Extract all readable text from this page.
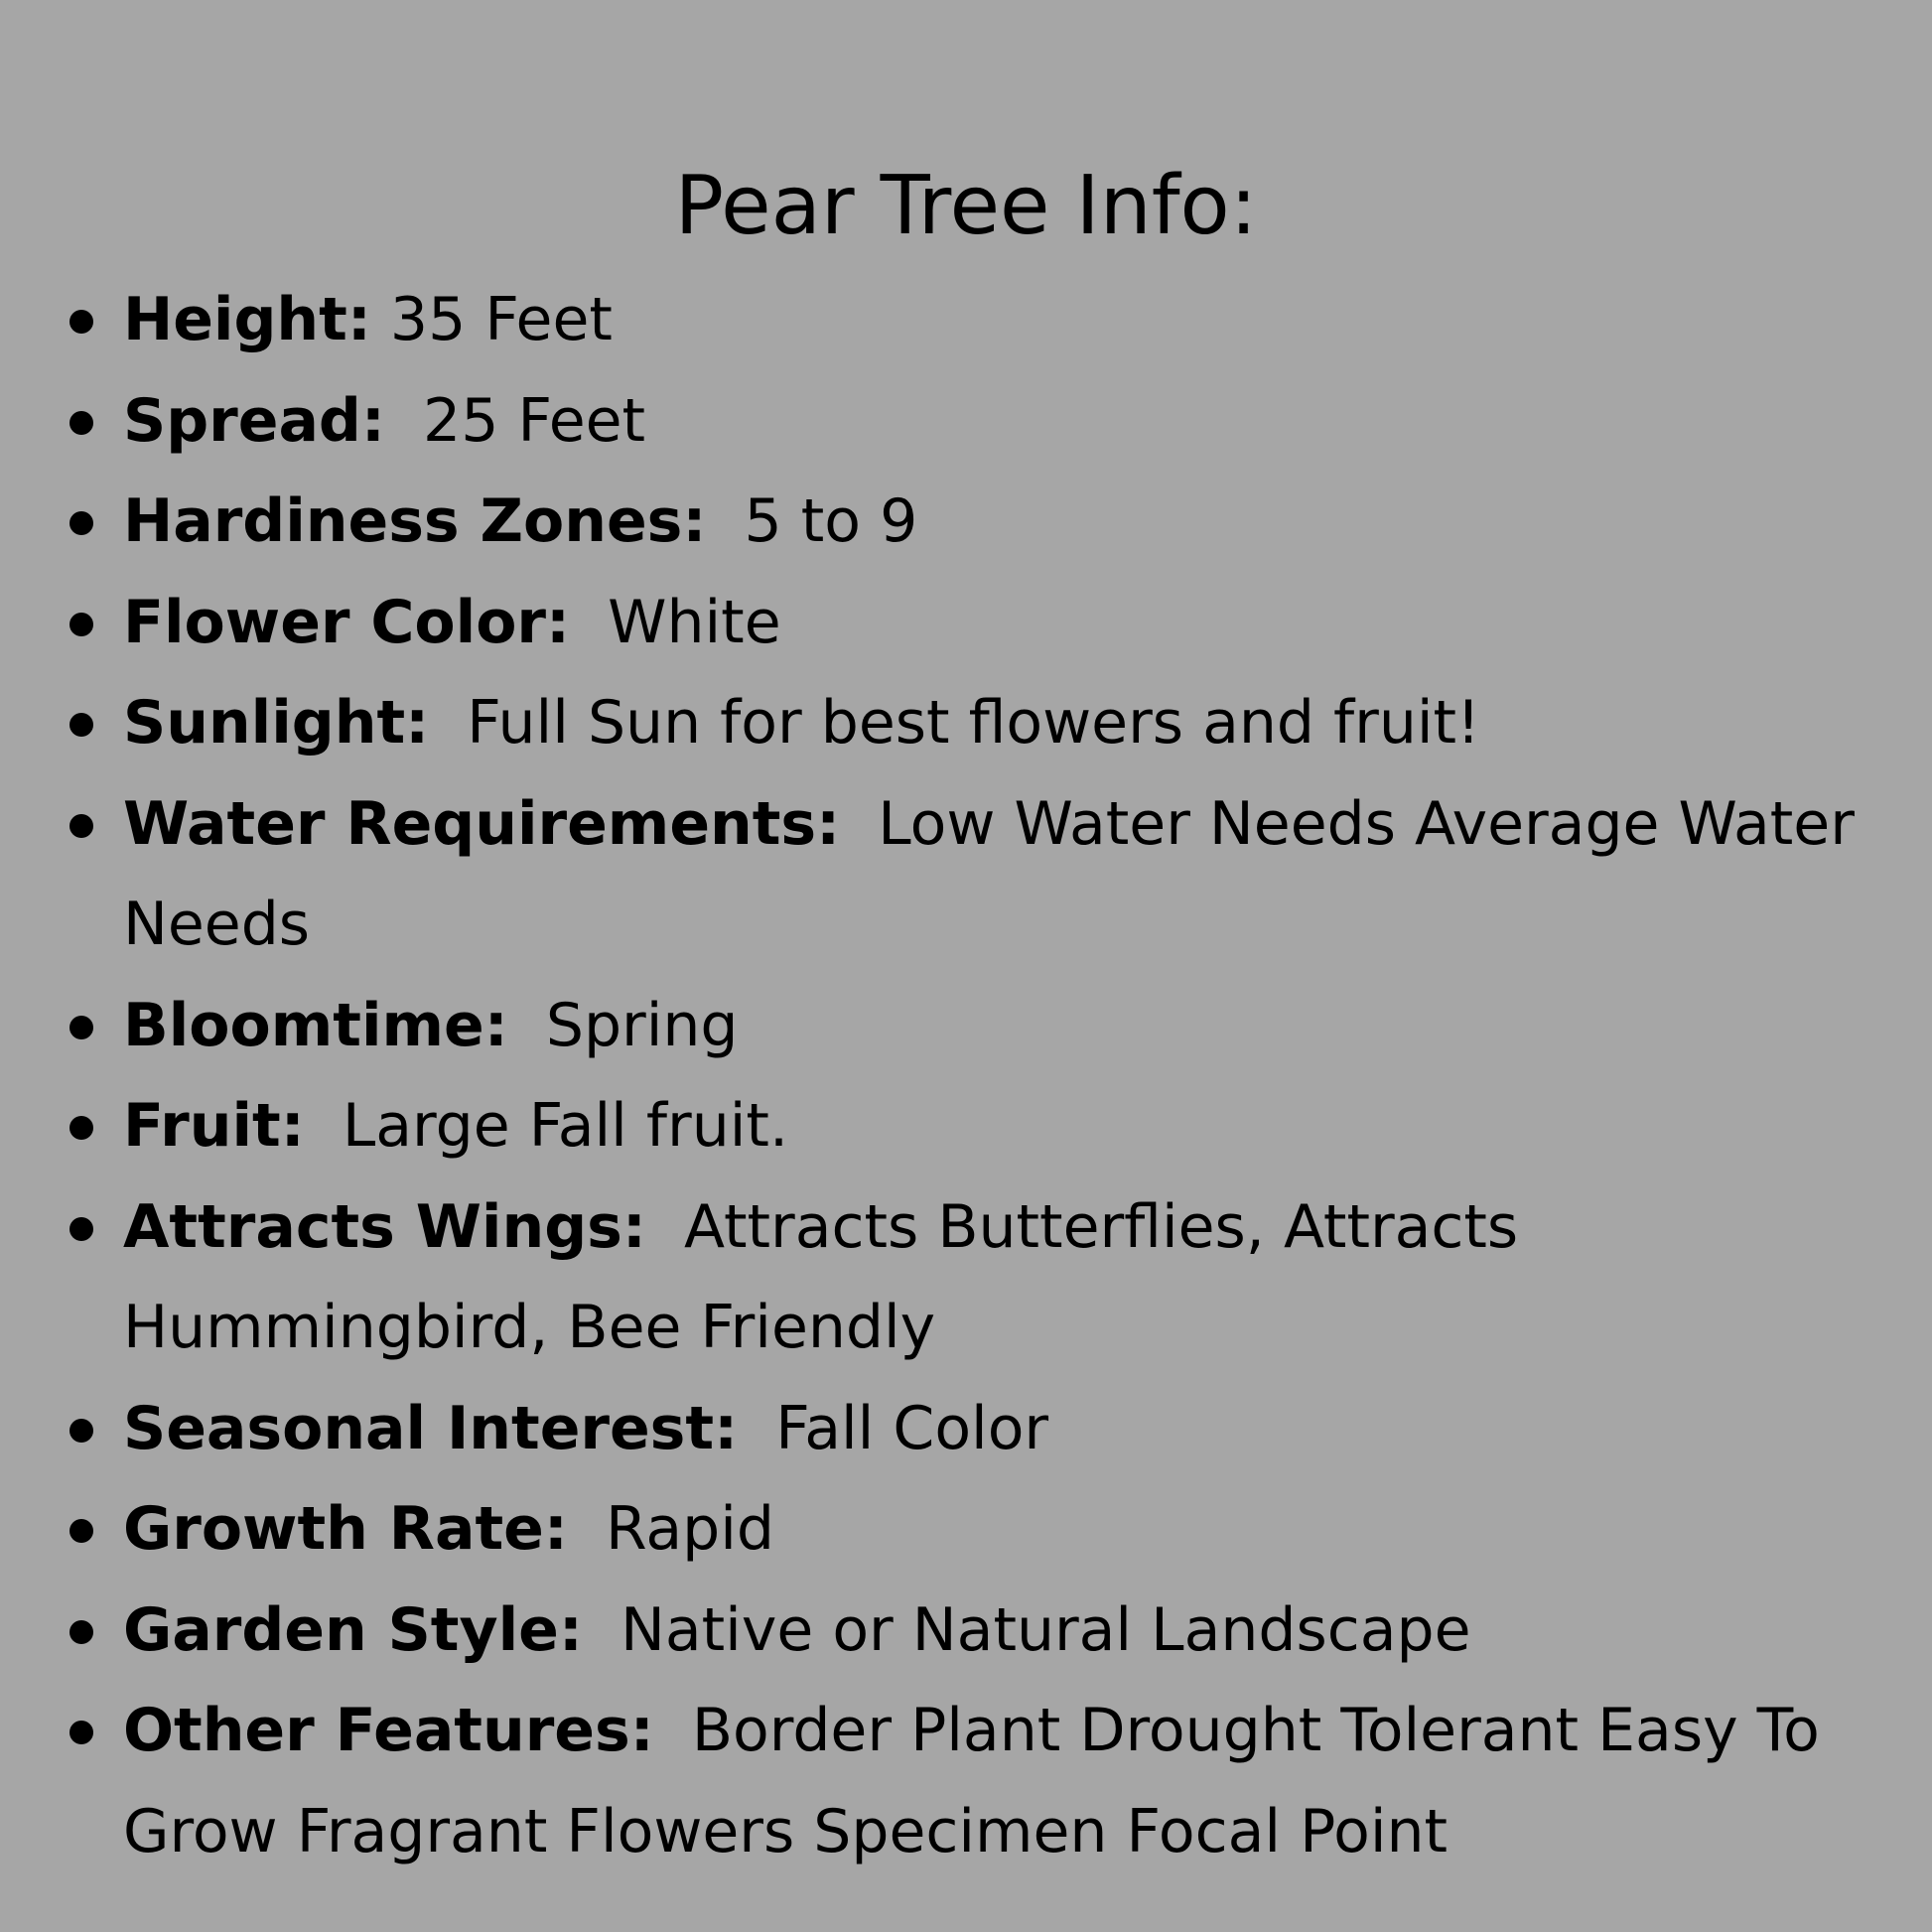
Pear Tree Info:
Height: 35 Feet
Spread: 25 Feet
Hardiness Zones: 5 to 9
Flower Color: White
Sunlight: Full Sun for best flowers and fruit!
Water Requirements: Low Water Needs Average Water Needs
Bloomtime: Spring
Fruit: Large Fall fruit.
Attracts Wings: Attracts Butterflies, Attracts Hummingbird, Bee Friendly
Seasonal Interest: Fall Color
Growth Rate: Rapid
Garden Style: Native or Natural Landscape
Other Features: Border Plant Drought Tolerant Easy To Grow Fragrant Flowers Specimen Focal Point
